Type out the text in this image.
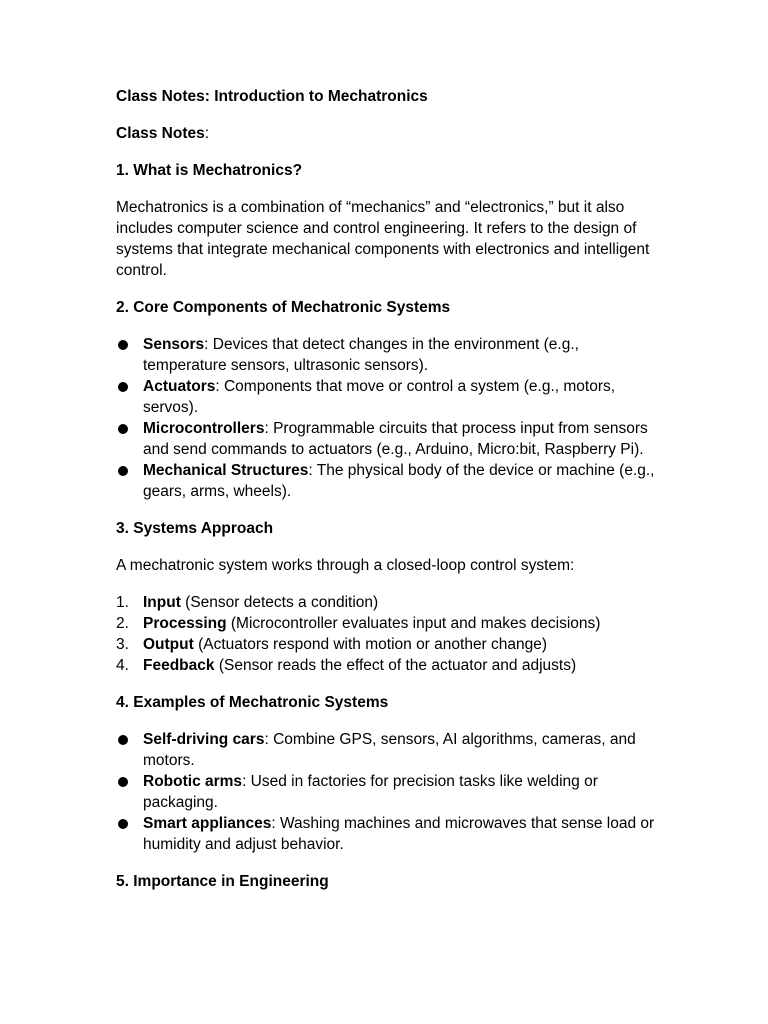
Class Notes: Introduction to Mechatronics
Class Notes:
1. What is Mechatronics?

Mechatronics is a combination of “mechanics” and “electronics,” but it also includes computer science and control engineering. It refers to the design of systems that integrate mechanical components with electronics and intelligent control.

2. Core Components of Mechatronic Systems
Sensors: Devices that detect changes in the environment (e.g., temperature sensors, ultrasonic sensors).
Actuators: Components that move or control a system (e.g., motors, servos).
Microcontrollers: Programmable circuits that process input from sensors and send commands to actuators (e.g., Arduino, Micro:bit, Raspberry Pi).
Mechanical Structures: The physical body of the device or machine (e.g., gears, arms, wheels).
3. Systems Approach

A mechatronic system works through a closed-loop control system:

1. Input (Sensor detects a condition)
2. Processing (Microcontroller evaluates input and makes decisions)
3. Output (Actuators respond with motion or another change)
4. Feedback (Sensor reads the effect of the actuator and adjusts)
4. Examples of Mechatronic Systems
Self-driving cars: Combine GPS, sensors, AI algorithms, cameras, and motors.
Robotic arms: Used in factories for precision tasks like welding or packaging.
Smart appliances: Washing machines and microwaves that sense load or humidity and adjust behavior.
5. Importance in Engineering
